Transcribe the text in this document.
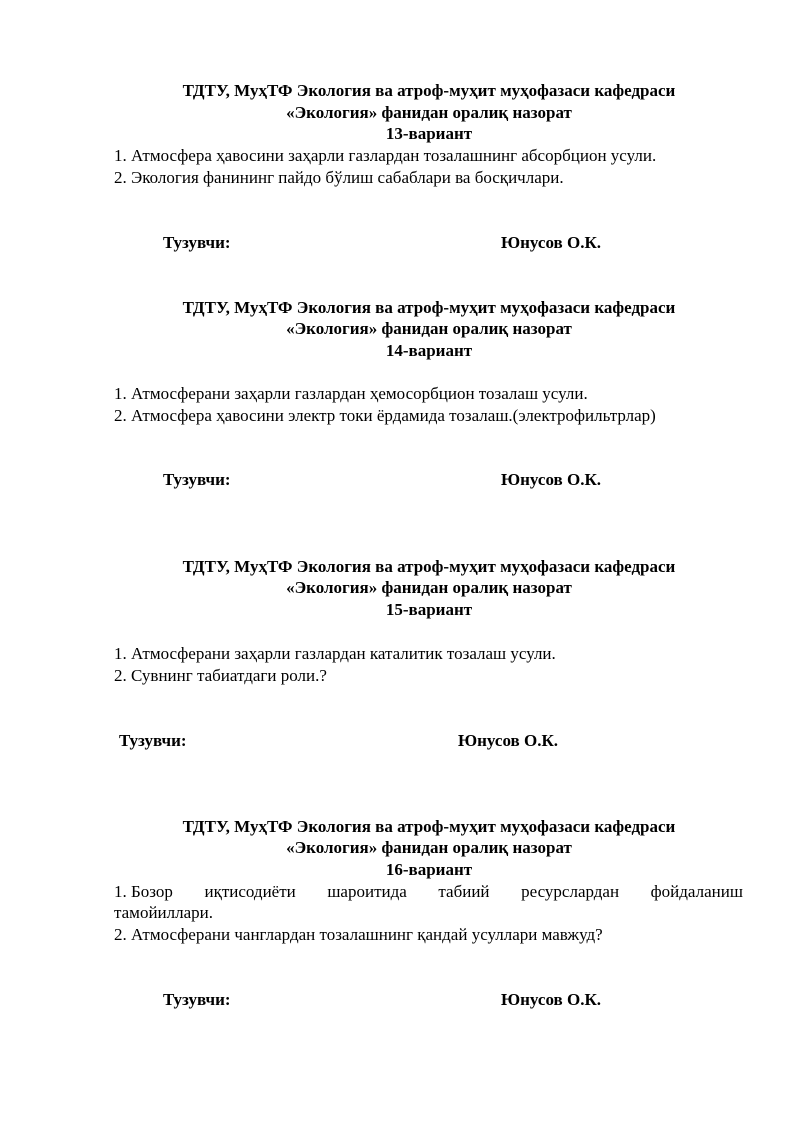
ТДТУ, МуҳТФ Экология ва атроф-муҳит муҳофазаси кафедраси
«Экология» фанидан оралиқ назорат
13-вариант
1. Атмосфера ҳавосини заҳарли газлардан тозалашнинг абсорбцион усули.
2. Экология фанининг пайдо бўлиш сабаблари ва босқичлари.
Тузувчи:	Юнусов О.К.
ТДТУ, МуҳТФ Экология ва атроф-муҳит муҳофазаси кафедраси
«Экология» фанидан оралиқ назорат
14-вариант
1. Атмосферани заҳарли газлардан ҳемосорбцион тозалаш усули.
2. Атмосфера ҳавосини электр токи ёрдамида тозалаш.(электрофильтрлар)
Тузувчи:	Юнусов О.К.
ТДТУ, МуҳТФ Экология ва атроф-муҳит муҳофазаси кафедраси
«Экология» фанидан оралиқ назорат
15-вариант
1. Атмосферани заҳарли газлардан каталитик тозалаш усули.
2. Сувнинг табиатдаги роли.?
Тузувчи:	Юнусов О.К.
ТДТУ, МуҳТФ Экология ва атроф-муҳит муҳофазаси кафедраси
«Экология» фанидан оралиқ назорат
16-вариант
1. Бозор иқтисодиёти шароитида табиий ресурслардан фойдаланиш
тамойиллари.
2. Атмосферани чанглардан тозалашнинг қандай усуллари мавжуд?
Тузувчи:	Юнусов О.К.
